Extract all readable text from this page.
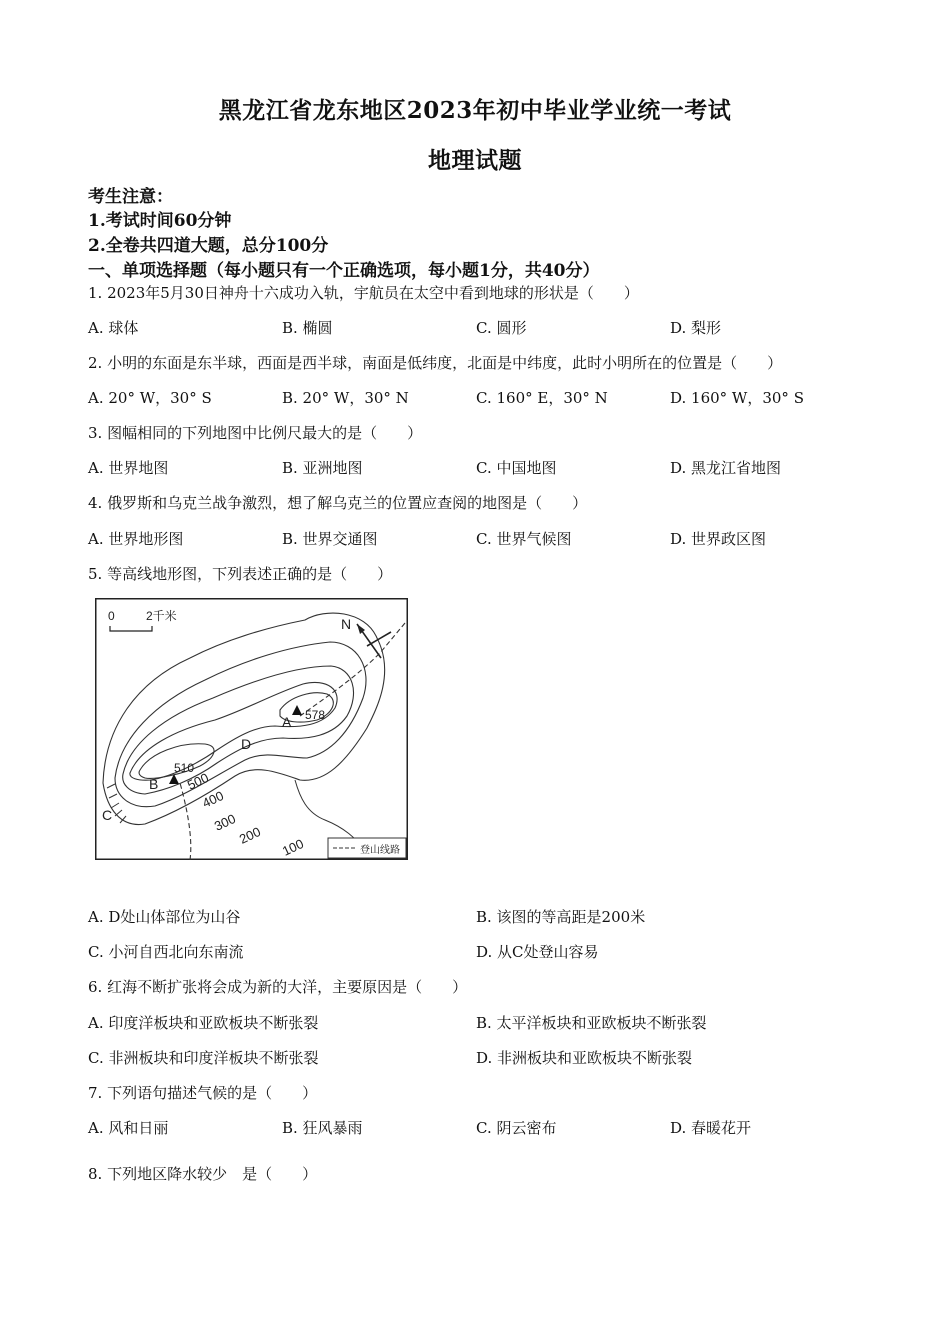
黑龙江省龙东地区2023年初中毕业学业统一考试
地理试题
考生注意：
1.考试时间60分钟
2.全卷共四道大题，总分100分
一、单项选择题（每小题只有一个正确选项，每小题1分，共40分）
1. 2023年5月30日神舟十六成功入轨，宇航员在太空中看到地球的形状是（　　）
A. 球体	B. 椭圆	C. 圆形	D. 梨形
2. 小明的东面是东半球，西面是西半球，南面是低纬度，北面是中纬度，此时小明所在的位置是（　　）
A. 20° W，30° S	B. 20° W，30° N	C. 160° E，30° N	D. 160° W，30° S
3. 图幅相同的下列地图中比例尺最大的是（　　）
A. 世界地图	B. 亚洲地图	C. 中国地图	D. 黑龙江省地图
4. 俄罗斯和乌克兰战争激烈，想了解乌克兰的位置应查阅的地图是（　　）
A. 世界地形图	B. 世界交通图	C. 世界气候图	D. 世界政区图
5. 等高线地形图，下列表述正确的是（　　）
0	2千米	N
578
A
510
B
C
D
500
400
300
200
100	登山线路
A. D处山体部位为山谷	B. 该图的等高距是200米
C. 小河自西北向东南流	D. 从C处登山容易
6. 红海不断扩张将会成为新的大洋，主要原因是（　　）
A. 印度洋板块和亚欧板块不断张裂	B. 太平洋板块和亚欧板块不断张裂
C. 非洲板块和印度洋板块不断张裂	D. 非洲板块和亚欧板块不断张裂
7. 下列语句描述气候的是（　　）
A. 风和日丽	B. 狂风暴雨	C. 阴云密布	D. 春暖花开
8. 下列地区降水较少　是（　　）
